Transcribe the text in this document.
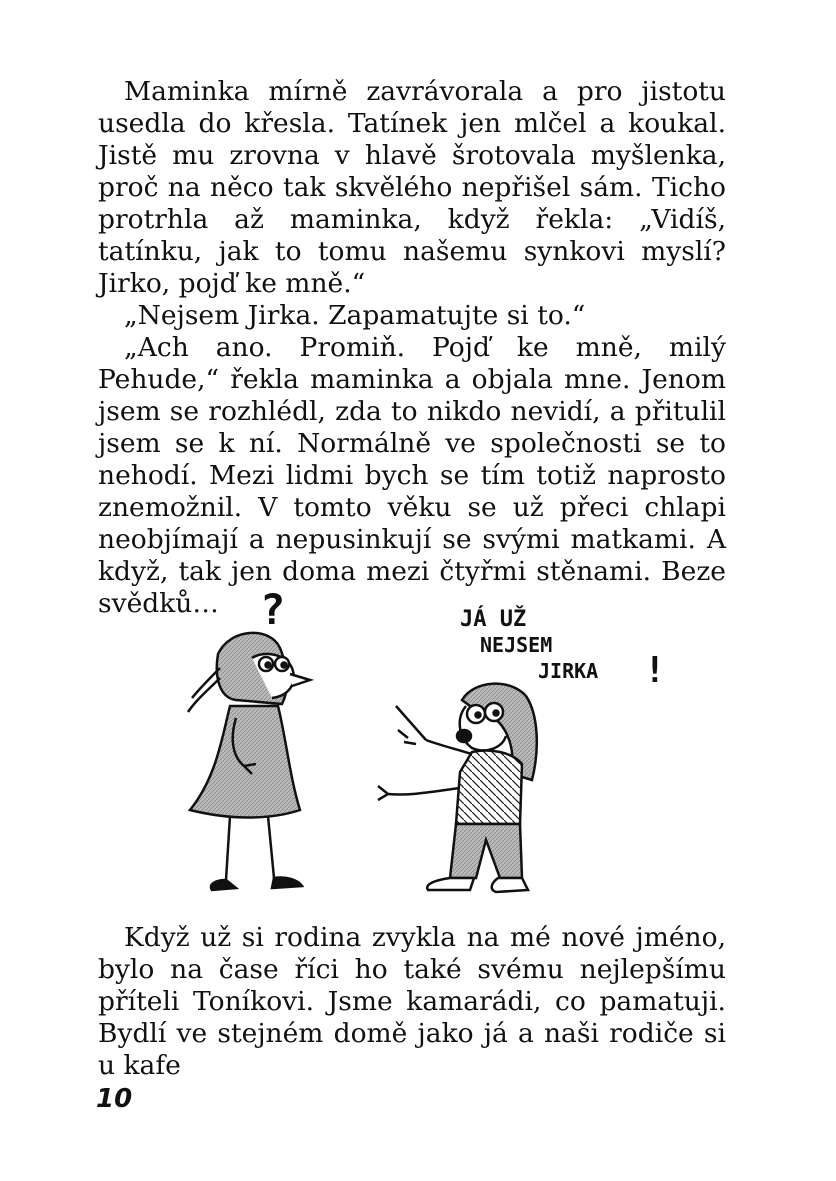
Maminka mírně zavrávorala a pro jistotu usedla do křesla. Tatínek jen mlčel a koukal. Jistě mu zrovna v hlavě šrotovala myšlenka, proč na něco tak skvělého nepřišel sám. Ticho protrhla až maminka, když řekla: „Vidíš, tatínku, jak to tomu našemu synkovi myslí? Jirko, pojď ke mně.“

„Nejsem Jirka. Zapamatujte si to.“

„Ach ano. Promiň. Pojď ke mně, milý Pehude,“ řekla maminka a objala mne. Jenom jsem se rozhlédl, zda to nikdo nevidí, a přitulil jsem se k ní. Normálně ve společnosti se to nehodí. Mezi lidmi bych se tím totiž naprosto znemožnil. V tomto věku se už přeci chlapi neobjímají a nepusinkují se svými matkami. A když, tak jen doma mezi čtyřmi stěnami. Beze svědků… ?	JÁ UŽ
NEJSEM
JIRKA !

Když už si rodina zvykla na mé nové jméno, bylo na čase říci ho také svému nejlepšímu příteli Toníkovi. Jsme kamarádi, co pamatuji. Bydlí ve stejném domě jako já a naši rodiče si u kafe

10
